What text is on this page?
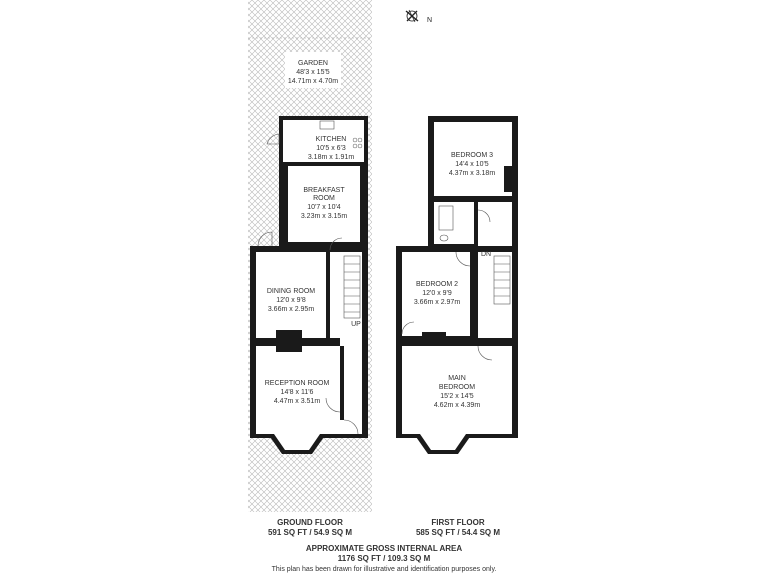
N
GARDEN
48'3 x 15'5
14.71m x 4.70m
KITCHEN
10'5 x 6'3
3.18m x 1.91m
BREAKFAST
ROOM
10'7 x 10'4
3.23m x 3.15m
DINING ROOM
12'0 x 9'8
3.66m x 2.95m
RECEPTION ROOM
14'8 x 11'6
4.47m x 3.51m
UP
BEDROOM 3
14'4 x 10'5
4.37m x 3.18m
BEDROOM 2
12'0 x 9'9
3.66m x 2.97m
MAIN
BEDROOM
15'2 x 14'5
4.62m x 4.39m
DN
GROUND FLOOR
591 SQ FT / 54.9 SQ M
FIRST FLOOR
585 SQ FT / 54.4 SQ M
APPROXIMATE GROSS INTERNAL AREA
1176 SQ FT / 109.3 SQ M
This plan has been drawn for illustrative and identification purposes only.
